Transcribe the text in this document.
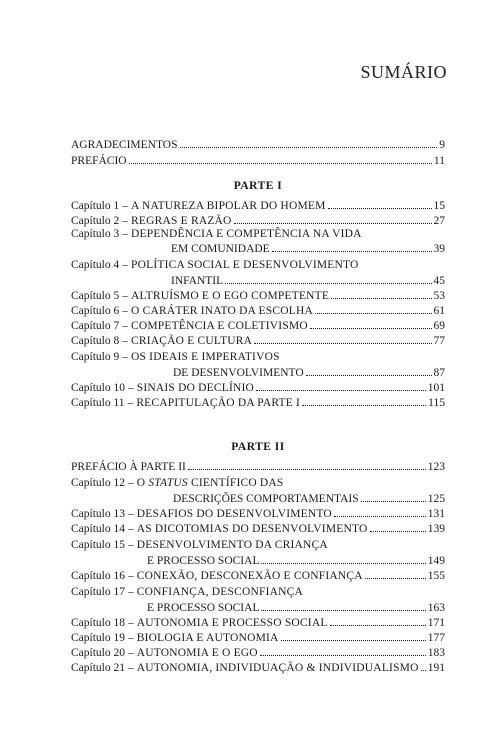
SUMÁRIO
AGRADECIMENTOS	9
PREFÁCIO	11
PARTE I
Capítulo 1 – A NATUREZA BIPOLAR DO HOMEM	15
Capítulo 2 – REGRAS E RAZÃO	27
Capítulo 3 – DEPENDÊNCIA E COMPETÊNCIA NA VIDA
EM COMUNIDADE	39
Capítulo 4 – POLÍTICA SOCIAL E DESENVOLVIMENTO
INFANTIL	45
Capítulo 5 – ALTRUÍSMO E O EGO COMPETENTE	53
Capítulo 6 – O CARÁTER INATO DA ESCOLHA	61
Capítulo 7 – COMPETÊNCIA E COLETIVISMO	69
Capítulo 8 – CRIAÇÃO E CULTURA	77
Capítulo 9 – OS IDEAIS E IMPERATIVOS
DE DESENVOLVIMENTO	87
Capítulo 10 – SINAIS DO DECLÍNIO	101
Capítulo 11 – RECAPITULAÇÃO DA PARTE I	115
PARTE II
PREFÁCIO À PARTE II	123
Capítulo 12 – O STATUS CIENTÍFICO DAS
DESCRIÇÕES COMPORTAMENTAIS	125
Capítulo 13 – DESAFIOS DO DESENVOLVIMENTO	131
Capítulo 14 – AS DICOTOMIAS DO DESENVOLVIMENTO	139
Capítulo 15 – DESENVOLVIMENTO DA CRIANÇA
E PROCESSO SOCIAL	149
Capítulo 16 – CONEXÃO, DESCONEXÃO E CONFIANÇA	155
Capítulo 17 – CONFIANÇA, DESCONFIANÇA
E PROCESSO SOCIAL	163
Capítulo 18 – AUTONOMIA E PROCESSO SOCIAL	171
Capítulo 19 – BIOLOGIA E AUTONOMIA	177
Capítulo 20 – AUTONOMIA E O EGO	183
Capítulo 21 – AUTONOMIA, INDIVIDUAÇÃO & INDIVIDUALISMO 191
